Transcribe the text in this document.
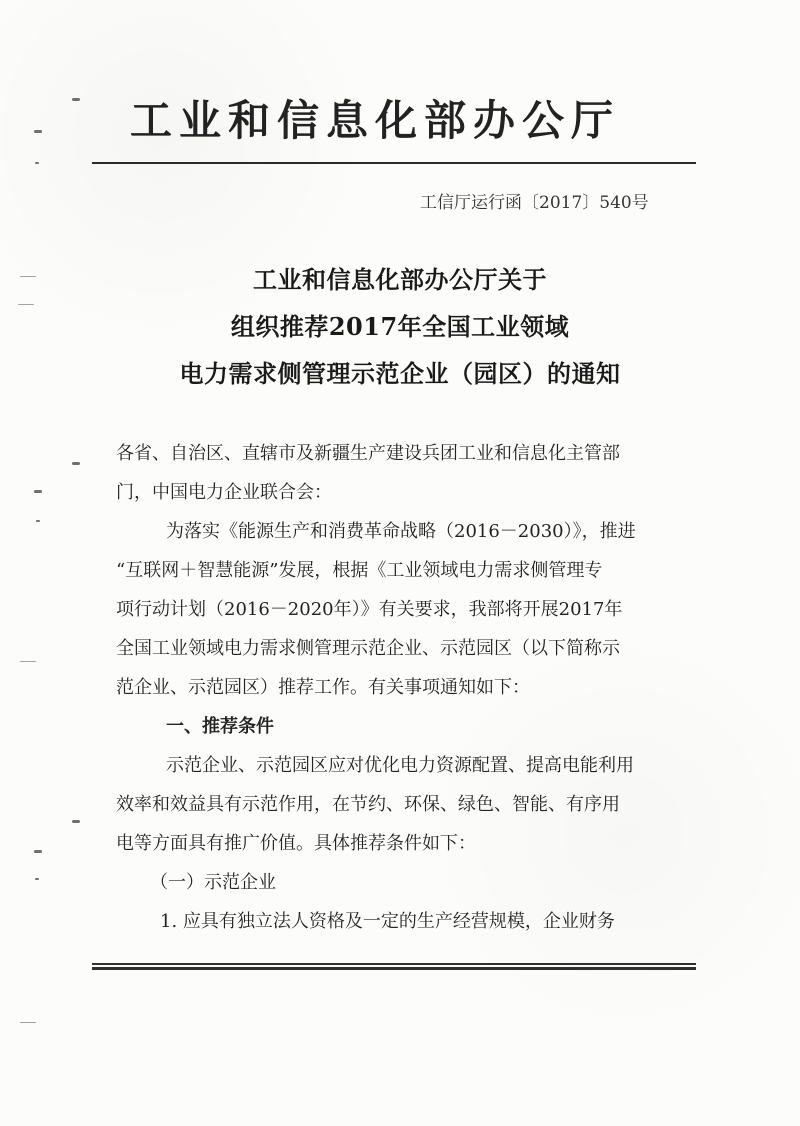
工业和信息化部办公厅
工信厅运行函〔2017〕540号
工业和信息化部办公厅关于
组织推荐2017年全国工业领域
电力需求侧管理示范企业（园区）的通知
各省、自治区、直辖市及新疆生产建设兵团工业和信息化主管部
门，中国电力企业联合会：
为落实《能源生产和消费革命战略（2016－2030）》，推进
“互联网＋智慧能源”发展，根据《工业领域电力需求侧管理专
项行动计划（2016－2020年）》有关要求，我部将开展2017年
全国工业领域电力需求侧管理示范企业、示范园区（以下简称示
范企业、示范园区）推荐工作。有关事项通知如下：
一、推荐条件
示范企业、示范园区应对优化电力资源配置、提高电能利用
效率和效益具有示范作用，在节约、环保、绿色、智能、有序用
电等方面具有推广价值。具体推荐条件如下：
（一）示范企业
1. 应具有独立法人资格及一定的生产经营规模，企业财务
